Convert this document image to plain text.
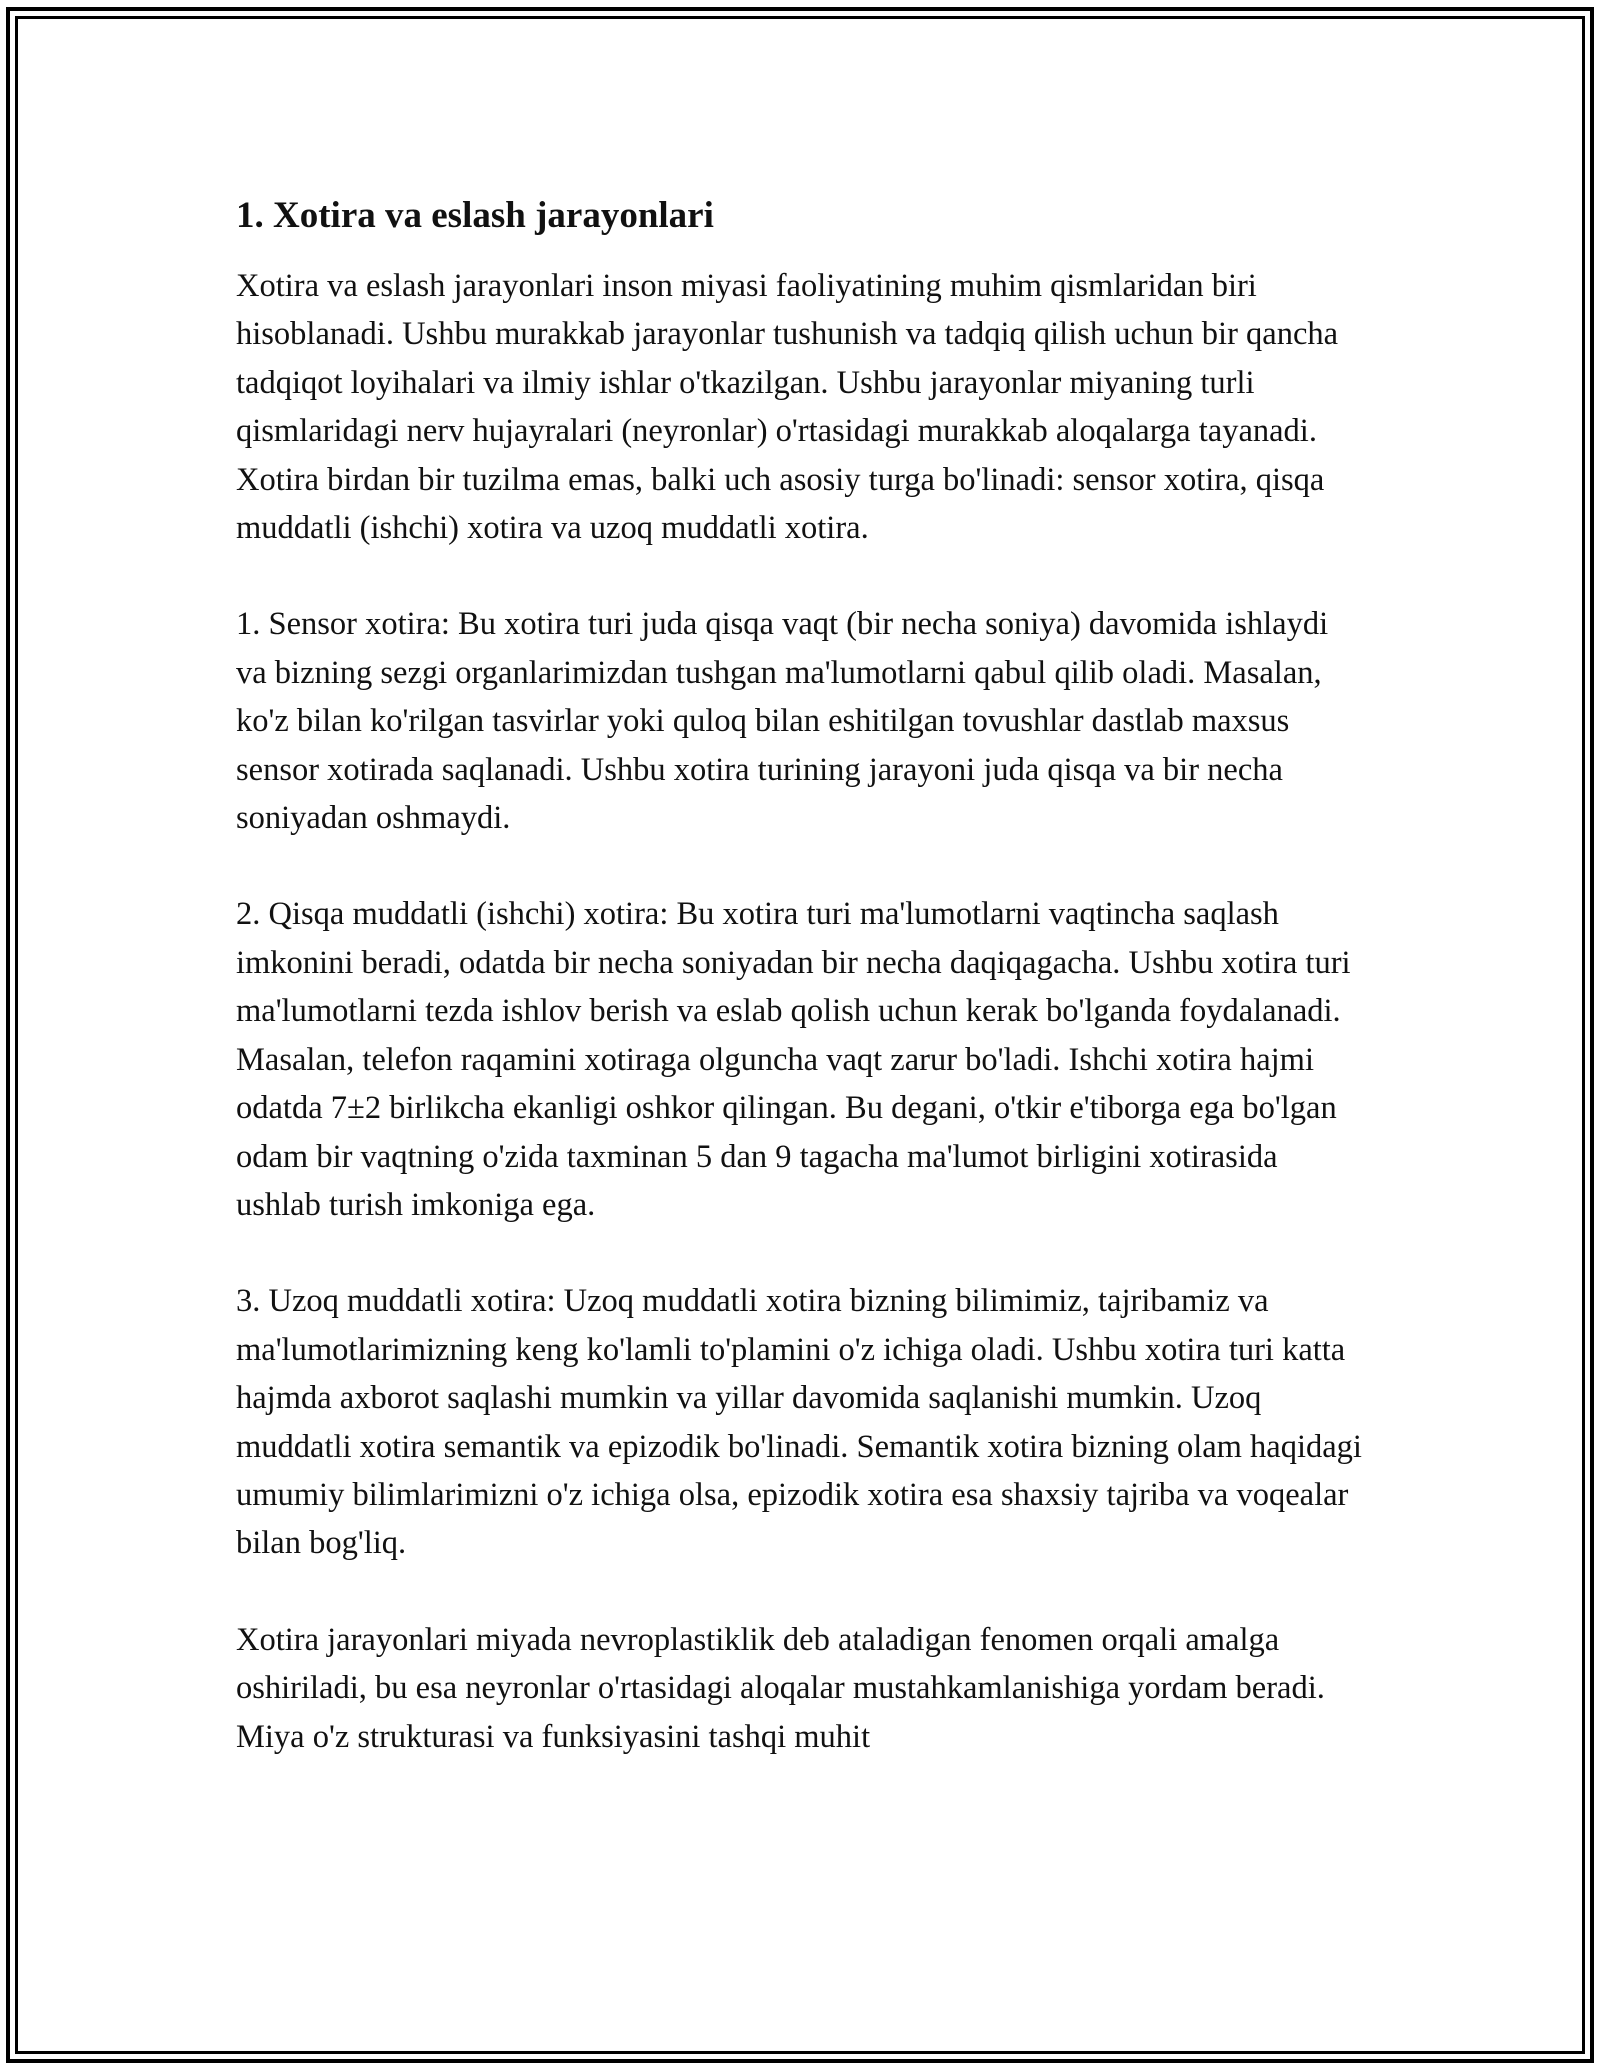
1. Xotira va eslash jarayonlari

Xotira va eslash jarayonlari inson miyasi faoliyatining muhim qismlaridan biri hisoblanadi. Ushbu murakkab jarayonlar tushunish va tadqiq qilish uchun bir qancha tadqiqot loyihalari va ilmiy ishlar o'tkazilgan. Ushbu jarayonlar miyaning turli qismlaridagi nerv hujayralari (neyronlar) o'rtasidagi murakkab aloqalarga tayanadi. Xotira birdan bir tuzilma emas, balki uch asosiy turga bo'linadi: sensor xotira, qisqa muddatli (ishchi) xotira va uzoq muddatli xotira.

1. Sensor xotira: Bu xotira turi juda qisqa vaqt (bir necha soniya) davomida ishlaydi va bizning sezgi organlarimizdan tushgan ma'lumotlarni qabul qilib oladi. Masalan, ko'z bilan ko'rilgan tasvirlar yoki quloq bilan eshitilgan tovushlar dastlab maxsus sensor xotirada saqlanadi. Ushbu xotira turining jarayoni juda qisqa va bir necha soniyadan oshmaydi.

2. Qisqa muddatli (ishchi) xotira: Bu xotira turi ma'lumotlarni vaqtincha saqlash imkonini beradi, odatda bir necha soniyadan bir necha daqiqagacha. Ushbu xotira turi ma'lumotlarni tezda ishlov berish va eslab qolish uchun kerak bo'lganda foydalanadi. Masalan, telefon raqamini xotiraga olguncha vaqt zarur bo'ladi. Ishchi xotira hajmi odatda 7±2 birlikcha ekanligi oshkor qilingan. Bu degani, o'tkir e'tiborga ega bo'lgan odam bir vaqtning o'zida taxminan 5 dan 9 tagacha ma'lumot birligini xotirasida ushlab turish imkoniga ega.

3. Uzoq muddatli xotira: Uzoq muddatli xotira bizning bilimimiz, tajribamiz va ma'lumotlarimizning keng ko'lamli to'plamini o'z ichiga oladi. Ushbu xotira turi katta hajmda axborot saqlashi mumkin va yillar davomida saqlanishi mumkin. Uzoq muddatli xotira semantik va epizodik bo'linadi. Semantik xotira bizning olam haqidagi umumiy bilimlarimizni o'z ichiga olsa, epizodik xotira esa shaxsiy tajriba va voqealar bilan bog'liq.

Xotira jarayonlari miyada nevroplastiklik deb ataladigan fenomen orqali amalga oshiriladi, bu esa neyronlar o'rtasidagi aloqalar mustahkamlanishiga yordam beradi. Miya o'z strukturasi va funksiyasini tashqi muhit
